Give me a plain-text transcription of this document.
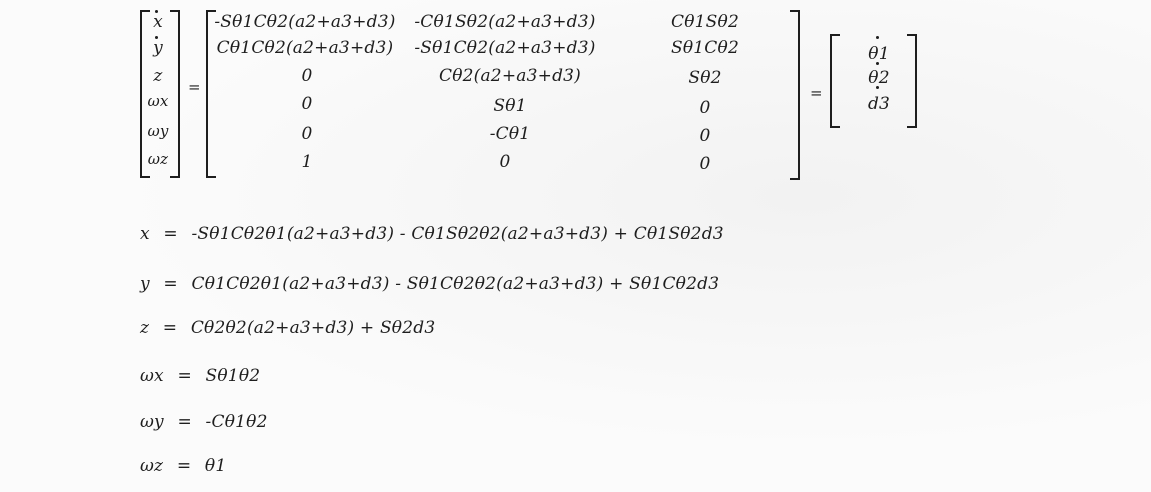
x
y
z
ωx
ωy
ωz
=
-Sθ1Cθ2(a2+a3+d3)
Cθ1Cθ2(a2+a3+d3)
0
0
0
1
-Cθ1Sθ2(a2+a3+d3)
-Sθ1Cθ2(a2+a3+d3)
Cθ2(a2+a3+d3)
Sθ1
-Cθ1
0
Cθ1Sθ2
Sθ1Cθ2
Sθ2
0
0
0
=
θ1
θ2
d3
x = -Sθ1Cθ2θ1(a2+a3+d3) - Cθ1Sθ2θ2(a2+a3+d3) + Cθ1Sθ2d3
y = Cθ1Cθ2θ1(a2+a3+d3) - Sθ1Cθ2θ2(a2+a3+d3) + Sθ1Cθ2d3
z = Cθ2θ2(a2+a3+d3) + Sθ2d3
ωx = Sθ1θ2
ωy = -Cθ1θ2
ωz = θ1
